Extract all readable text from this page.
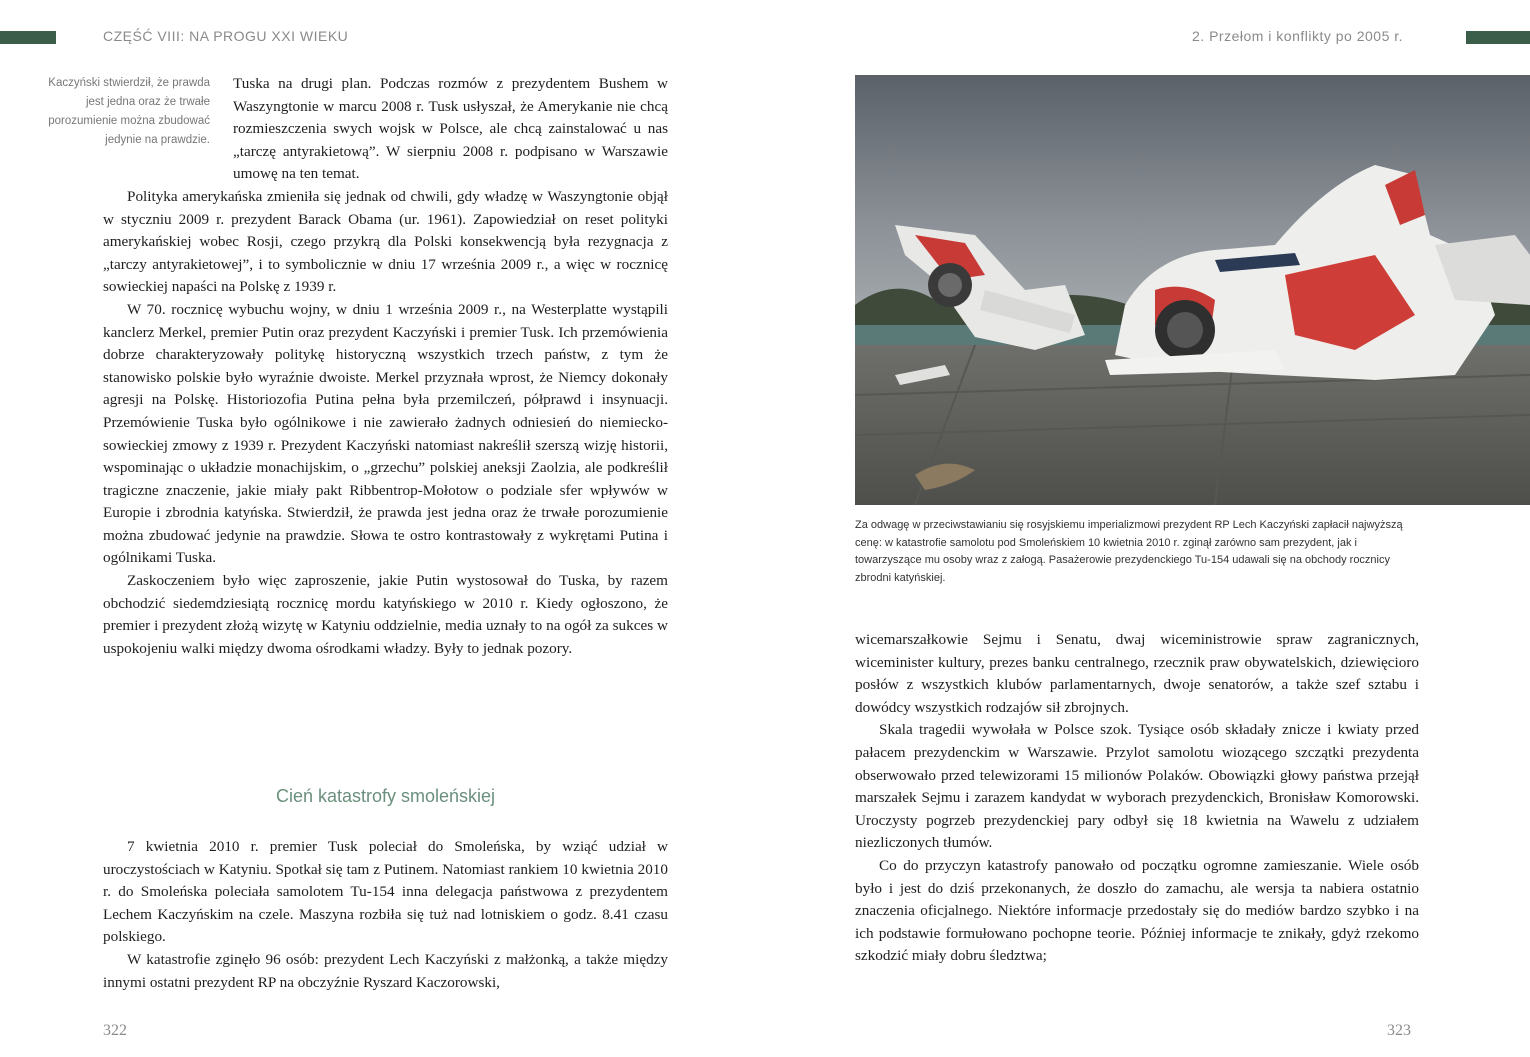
CZĘŚĆ VIII: NA PROGU XXI WIEKU
Kaczyński stwierdził, że prawda jest jedna oraz że trwałe porozumienie można zbudować jedynie na prawdzie.

Tuska na drugi plan. Podczas rozmów z prezydentem Bushem w Waszyngtonie w marcu 2008 r. Tusk usłyszał, że Amerykanie nie chcą rozmieszczenia swych wojsk w Polsce, ale chcą zainstalować u nas „tarczę antyrakietową”. W sierpniu 2008 r. podpisano w Warszawie umowę na ten temat.

Polityka amerykańska zmieniła się jednak od chwili, gdy władzę w Waszyngtonie objął w styczniu 2009 r. prezydent Barack Obama (ur. 1961). Zapowiedział on reset polityki amerykańskiej wobec Rosji, czego przykrą dla Polski konsekwencją była rezygnacja z „tarczy antyrakietowej”, i to symbolicznie w dniu 17 września 2009 r., a więc w rocznicę sowieckiej napaści na Polskę z 1939 r.

W 70. rocznicę wybuchu wojny, w dniu 1 września 2009 r., na Westerplatte wystąpili kanclerz Merkel, premier Putin oraz prezydent Kaczyński i premier Tusk. Ich przemówienia dobrze charakteryzowały politykę historyczną wszystkich trzech państw, z tym że stanowisko polskie było wyraźnie dwoiste. Merkel przyznała wprost, że Niemcy dokonały agresji na Polskę. Historiozofia Putina pełna była przemilczeń, półprawd i insynuacji. Przemówienie Tuska było ogólnikowe i nie zawierało żadnych odniesień do niemiecko-sowieckiej zmowy z 1939 r. Prezydent Kaczyński natomiast nakreślił szerszą wizję historii, wspominając o układzie monachijskim, o „grzechu” polskiej aneksji Zaolzia, ale podkreślił tragiczne znaczenie, jakie miały pakt Ribbentrop-Mołotow o podziale sfer wpływów w Europie i zbrodnia katyńska. Stwierdził, że prawda jest jedna oraz że trwałe porozumienie można zbudować jedynie na prawdzie. Słowa te ostro kontrastowały z wykrętami Putina i ogólnikami Tuska.

Zaskoczeniem było więc zaproszenie, jakie Putin wystosował do Tuska, by razem obchodzić siedemdziesiątą rocznicę mordu katyńskiego w 2010 r. Kiedy ogłoszono, że premier i prezydent złożą wizytę w Katyniu oddzielnie, media uznały to na ogół za sukces w uspokojeniu walki między dwoma ośrodkami władzy. Były to jednak pozory.

Cień katastrofy smoleńskiej

7 kwietnia 2010 r. premier Tusk poleciał do Smoleńska, by wziąć udział w uroczystościach w Katyniu. Spotkał się tam z Putinem. Natomiast rankiem 10 kwietnia 2010 r. do Smoleńska poleciała samolotem Tu-154 inna delegacja państwowa z prezydentem Lechem Kaczyńskim na czele. Maszyna rozbiła się tuż nad lotniskiem o godz. 8.41 czasu polskiego.

W katastrofie zginęło 96 osób: prezydent Lech Kaczyński z małżonką, a także między innymi ostatni prezydent RP na obczyźnie Ryszard Kaczorowski,

322
2. Przełom i konflikty po 2005 r.
Za odwagę w przeciwstawianiu się rosyjskiemu imperializmowi prezydent RP Lech Kaczyński zapłacił najwyższą cenę: w katastrofie samolotu pod Smoleńskiem 10 kwietnia 2010 r. zginął zarówno sam prezydent, jak i towarzyszące mu osoby wraz z załogą. Pasażerowie prezydenckiego Tu-154 udawali się na obchody rocznicy zbrodni katyńskiej.

wicemarszałkowie Sejmu i Senatu, dwaj wiceministrowie spraw zagranicznych, wiceminister kultury, prezes banku centralnego, rzecznik praw obywatelskich, dziewięcioro posłów z wszystkich klubów parlamentarnych, dwoje senatorów, a także szef sztabu i dowódcy wszystkich rodzajów sił zbrojnych.

Skala tragedii wywołała w Polsce szok. Tysiące osób składały znicze i kwiaty przed pałacem prezydenckim w Warszawie. Przylot samolotu wiozącego szczątki prezydenta obserwowało przed telewizorami 15 milionów Polaków. Obowiązki głowy państwa przejął marszałek Sejmu i zarazem kandydat w wyborach prezydenckich, Bronisław Komorowski. Uroczysty pogrzeb prezydenckiej pary odbył się 18 kwietnia na Wawelu z udziałem niezliczonych tłumów.

Co do przyczyn katastrofy panowało od początku ogromne zamieszanie. Wiele osób było i jest do dziś przekonanych, że doszło do zamachu, ale wersja ta nabiera ostatnio znaczenia oficjalnego. Niektóre informacje przedostały się do mediów bardzo szybko i na ich podstawie formułowano pochopne teorie. Później informacje te znikały, gdyż rzekomo szkodzić miały dobru śledztwa;

323
